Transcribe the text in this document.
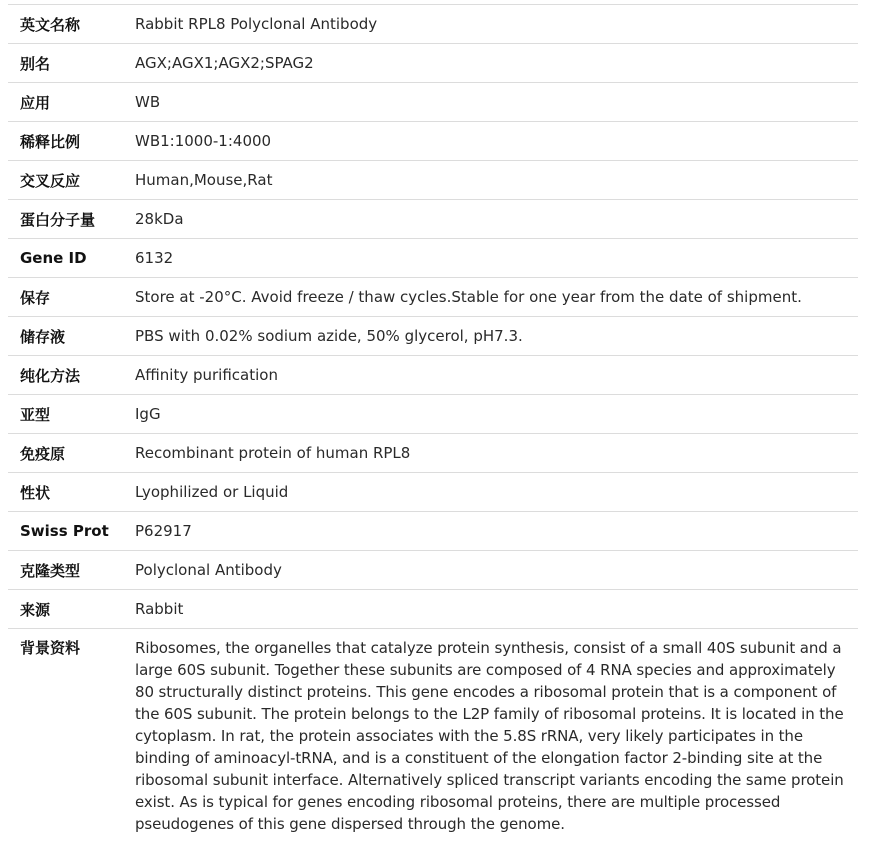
英文名称	Rabbit RPL8 Polyclonal Antibody
别名	AGX;AGX1;AGX2;SPAG2
应用	WB
稀释比例	WB1:1000-1:4000
交叉反应	Human,Mouse,Rat
蛋白分子量	28kDa
Gene ID	6132
保存	Store at -20°C. Avoid freeze / thaw cycles.Stable for one year from the date of shipment.
储存液	PBS with 0.02% sodium azide, 50% glycerol, pH7.3.
纯化方法	Affinity purification
亚型	IgG
免疫原	Recombinant protein of human RPL8
性状	Lyophilized or Liquid
Swiss Prot	P62917
克隆类型	Polyclonal Antibody
来源	Rabbit
背景资料	Ribosomes, the organelles that catalyze protein synthesis, consist of a small 40S subunit and a large 60S subunit. Together these subunits are composed of 4 RNA species and approximately 80 structurally distinct proteins. This gene encodes a ribosomal protein that is a component of the 60S subunit. The protein belongs to the L2P family of ribosomal proteins. It is located in the cytoplasm. In rat, the protein associates with the 5.8S rRNA, very likely participates in the binding of aminoacyl-tRNA, and is a constituent of the elongation factor 2-binding site at the ribosomal subunit interface. Alternatively spliced transcript variants encoding the same protein exist. As is typical for genes encoding ribosomal proteins, there are multiple processed pseudogenes of this gene dispersed through the genome.
